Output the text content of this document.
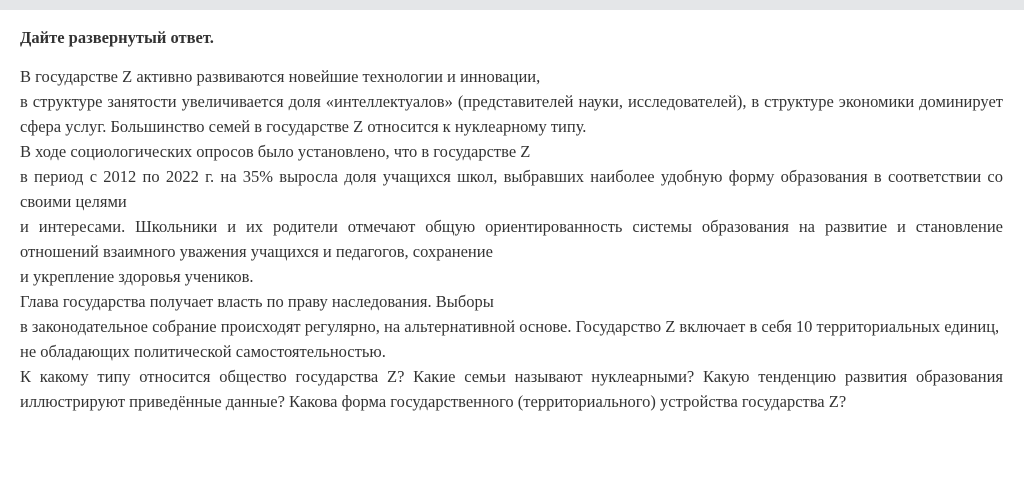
Дайте развернутый ответ.
В государстве Z активно развиваются новейшие технологии и инновации,
в структуре занятости увеличивается доля «интеллектуалов» (представителей науки, исследователей), в структуре экономики доминирует сфера услуг. Большинство семей в государстве Z относится к нуклеарному типу.
В ходе социологических опросов было установлено, что в государстве Z
в период с 2012 по 2022 г. на 35% выросла доля учащихся школ, выбравших наиболее удобную форму образования в соответствии со своими целями
и интересами. Школьники и их родители отмечают общую ориентированность системы образования на развитие и становление отношений взаимного уважения учащихся и педагогов, сохранение
и укрепление здоровья учеников.
Глава государства получает власть по праву наследования. Выборы
в законодательное собрание происходят регулярно, на альтернативной основе. Государство Z включает в себя 10 территориальных единиц,
не обладающих политической самостоятельностью.
К какому типу относится общество государства Z? Какие семьи называют нуклеарными? Какую тенденцию развития образования иллюстрируют приведённые данные? Какова форма государственного (территориального) устройства государства Z?
